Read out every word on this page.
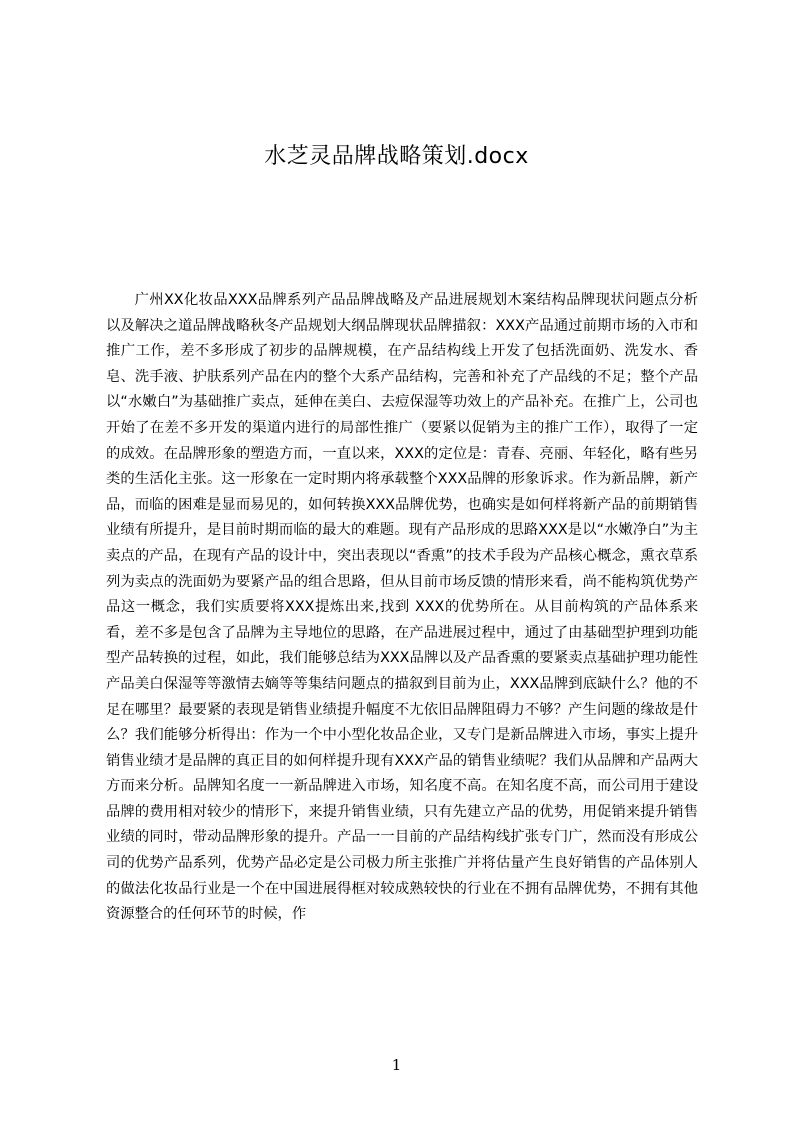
水芝灵品牌战略策划.docx

广州XX化妆品XXX品牌系列产品品牌战略及产品进展规划木案结构品牌现状问题点分析以及解决之道品牌战略秋冬产品规划大纲品牌现状品牌描叙：XXX产品通过前期市场的入市和推广工作，差不多形成了初步的品牌规模，在产品结构线上开发了包括洗面奶、洗发水、香皂、洗手液、护肤系列产品在内的整个大系产品结构，完善和补充了产品线的不足；整个产品以“水嫩白”为基础推广卖点，延伸在美白、去痘保湿等功效上的产品补充。在推广上，公司也开始了在差不多开发的渠道内进行的局部性推广（要紧以促销为主的推广工作），取得了一定的成效。在品牌形象的塑造方而，一直以来，XXX的定位是：青春、亮丽、年轻化，略有些另类的生活化主张。这一形象在一定时期内将承载整个XXX品牌的形象诉求。作为新品牌，新产品，而临的困难是显而易见的，如何转换XXX品牌优势，也确实是如何样将新产品的前期销售业绩有所提升，是目前时期而临的最大的难题。现有产品形成的思路XXX是以“水嫩净白”为主卖点的产品，在现有产品的设计中，突出表现以“香熏”的技术手段为产品核心概念，熏衣草系列为卖点的洗面奶为要紧产品的组合思路，但从目前市场反馈的情形来看，尚不能构筑优势产品这一概念，我们实质要将XXX提炼出来,找到 XXX的优势所在。从目前构筑的产品体系来看，差不多是包含了品牌为主导地位的思路，在产品进展过程中，通过了由基础型护理到功能型产品转换的过程，如此，我们能够总结为XXX品牌以及产品香熏的要紧卖点基础护理功能性产品美白保湿等等激情去嫡等等集结问题点的描叙到目前为止，XXX品牌到底缺什么？他的不足在哪里？最要紧的表现是销售业绩提升幅度不尢依旧品牌阻碍力不够？产生问题的缘故是什么？我们能够分析得出：作为一个中小型化妆品企业，又专门是新品牌进入市场，事实上提升销售业绩才是品牌的真正目的如何样提升现有XXX产品的销售业绩呢？我们从品牌和产品两大方而来分析。品牌知名度一一新品牌进入市场，知名度不高。在知名度不高，而公司用于建设品牌的费用相对较少的情形下，来提升销售业绩，只有先建立产品的优势，用促销来提升销售业绩的同时，带动品牌形象的提升。产品一一目前的产品结构线扩张专门广，然而没有形成公司的优势产品系列，优势产品必定是公司极力所主张推广并将估量产生良好销售的产品体别人的做法化妆品行业是一个在中国进展得框对较成熟较快的行业在不拥有品牌优势，不拥有其他资源整合的任何环节的时候，作

1
